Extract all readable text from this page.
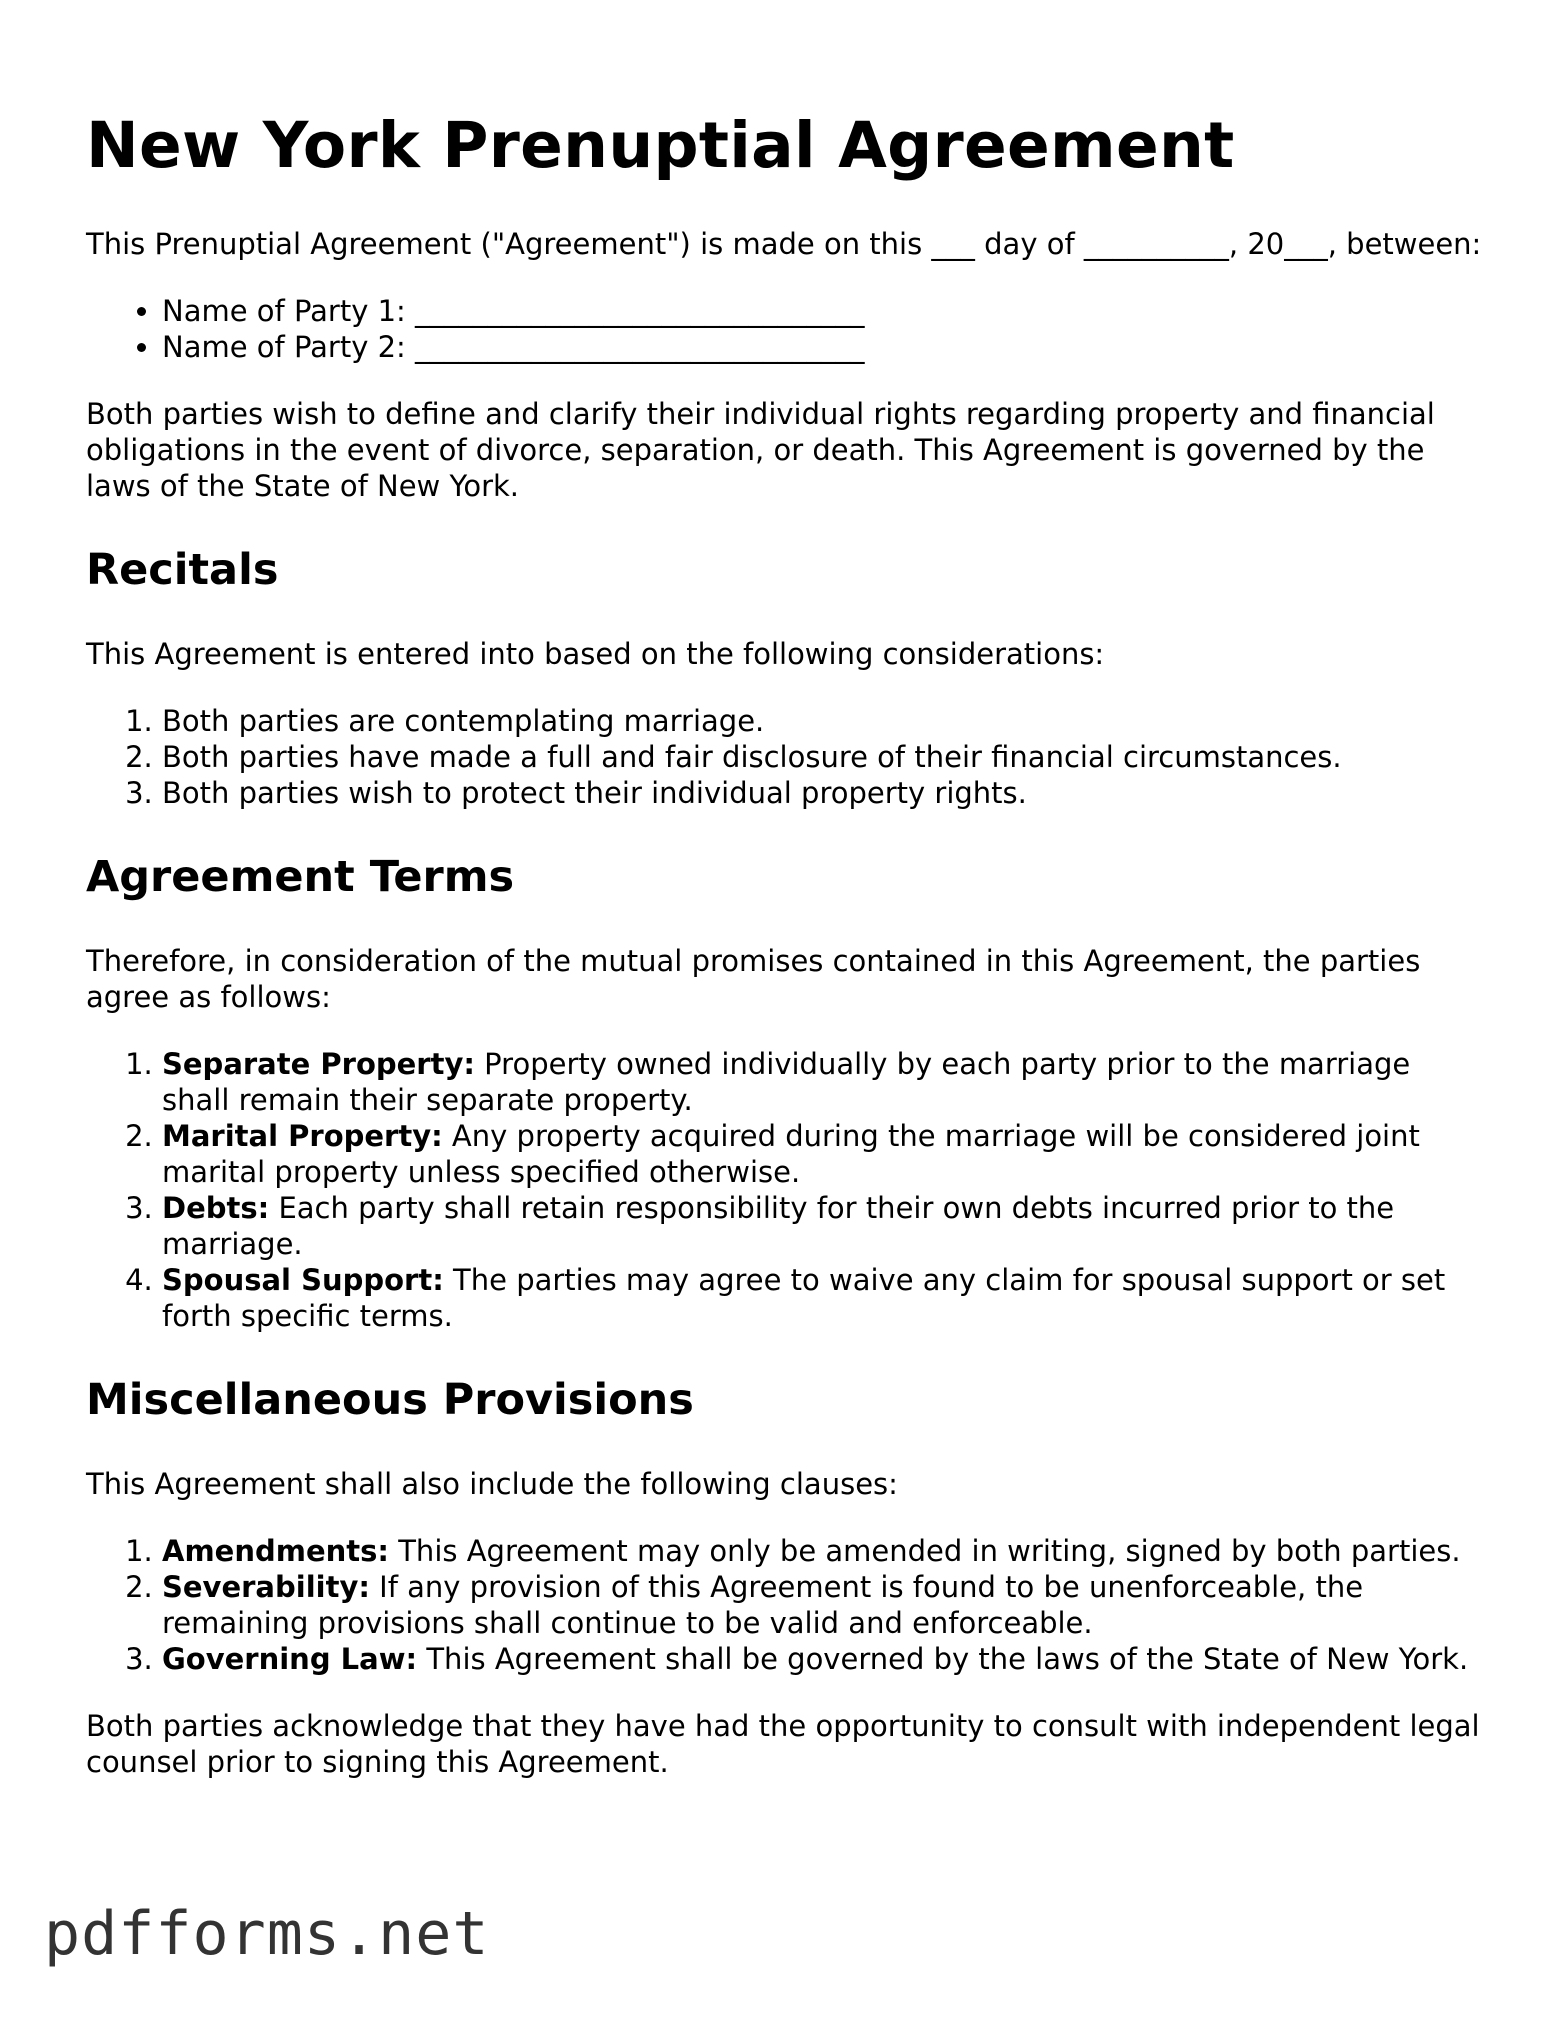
New York Prenuptial Agreement

This Prenuptial Agreement ("Agreement") is made on this ___ day of __________, 20___, between:

• Name of Party 1: _______________________________
• Name of Party 2: _______________________________

Both parties wish to define and clarify their individual rights regarding property and financial obligations in the event of divorce, separation, or death. This Agreement is governed by the laws of the State of New York.

Recitals

This Agreement is entered into based on the following considerations:

1. Both parties are contemplating marriage.
2. Both parties have made a full and fair disclosure of their financial circumstances.
3. Both parties wish to protect their individual property rights.
Agreement Terms

Therefore, in consideration of the mutual promises contained in this Agreement, the parties agree as follows:

1. Separate Property: Property owned individually by each party prior to the marriage shall remain their separate property.
2. Marital Property: Any property acquired during the marriage will be considered joint marital property unless specified otherwise.
3. Debts: Each party shall retain responsibility for their own debts incurred prior to the marriage.
4. Spousal Support: The parties may agree to waive any claim for spousal support or set forth specific terms.
Miscellaneous Provisions

This Agreement shall also include the following clauses:

1. Amendments: This Agreement may only be amended in writing, signed by both parties.
2. Severability: If any provision of this Agreement is found to be unenforceable, the remaining provisions shall continue to be valid and enforceable.
3. Governing Law: This Agreement shall be governed by the laws of the State of New York.

Both parties acknowledge that they have had the opportunity to consult with independent legal counsel prior to signing this Agreement.

pdfforms.net
